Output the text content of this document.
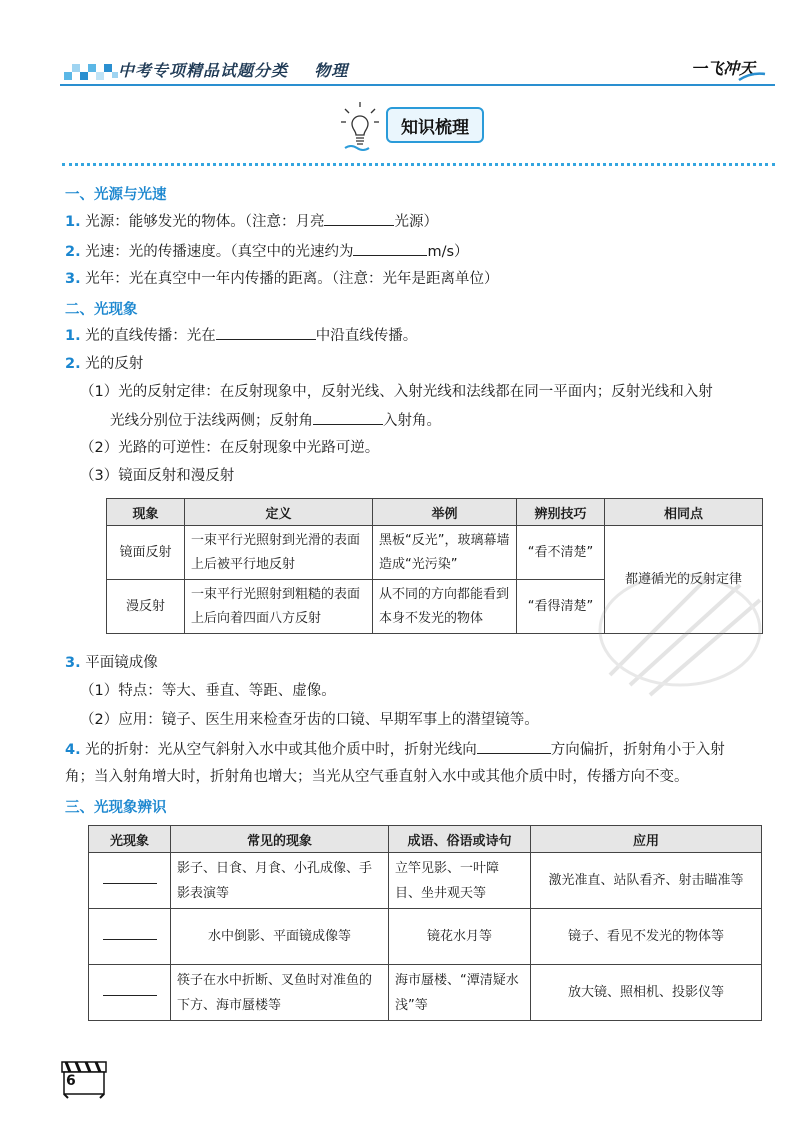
中考专项精品试题分类    物理	一飞冲天
知识梳理
一、光源与光速
1. 光源：能够发光的物体。（注意：月亮	光源）
2. 光速：光的传播速度。（真空中的光速约为	m/s）
3. 光年：光在真空中一年内传播的距离。（注意：光年是距离单位）
二、光现象
1. 光的直线传播：光在	中沿直线传播。
2. 光的反射
（1）光的反射定律：在反射现象中，反射光线、入射光线和法线都在同一平面内；反射光线和入射
光线分别位于法线两侧；反射角	入射角。
（2）光路的可逆性：在反射现象中光路可逆。
（3）镜面反射和漫反射
现象	定义	举例	辨别技巧	相同点
镜面反射	一束平行光照射到光滑的表面上后被平行地反射	黑板“反光”，玻璃幕墙造成“光污染”	“看不清楚”	都遵循光的反射定律
漫反射	一束平行光照射到粗糙的表面上后向着四面八方反射	从不同的方向都能看到本身不发光的物体	“看得清楚”	
3. 平面镜成像
（1）特点：等大、垂直、等距、虚像。
（2）应用：镜子、医生用来检查牙齿的口镜、早期军事上的潜望镜等。
4. 光的折射：光从空气斜射入水中或其他介质中时，折射光线向	方向偏折，折射角小于入射
角；当入射角增大时，折射角也增大；当光从空气垂直射入水中或其他介质中时，传播方向不变。
三、光现象辨识
光现象	常见的现象	成语、俗语或诗句	应用
	影子、日食、月食、小孔成像、手影表演等	立竿见影、一叶障目、坐井观天等	激光准直、站队看齐、射击瞄准等
	水中倒影、平面镜成像等	镜花水月等	镜子、看见不发光的物体等
	筷子在水中折断、叉鱼时对准鱼的下方、海市蜃楼等	海市蜃楼、“潭清疑水浅”等	放大镜、照相机、投影仪等
6
